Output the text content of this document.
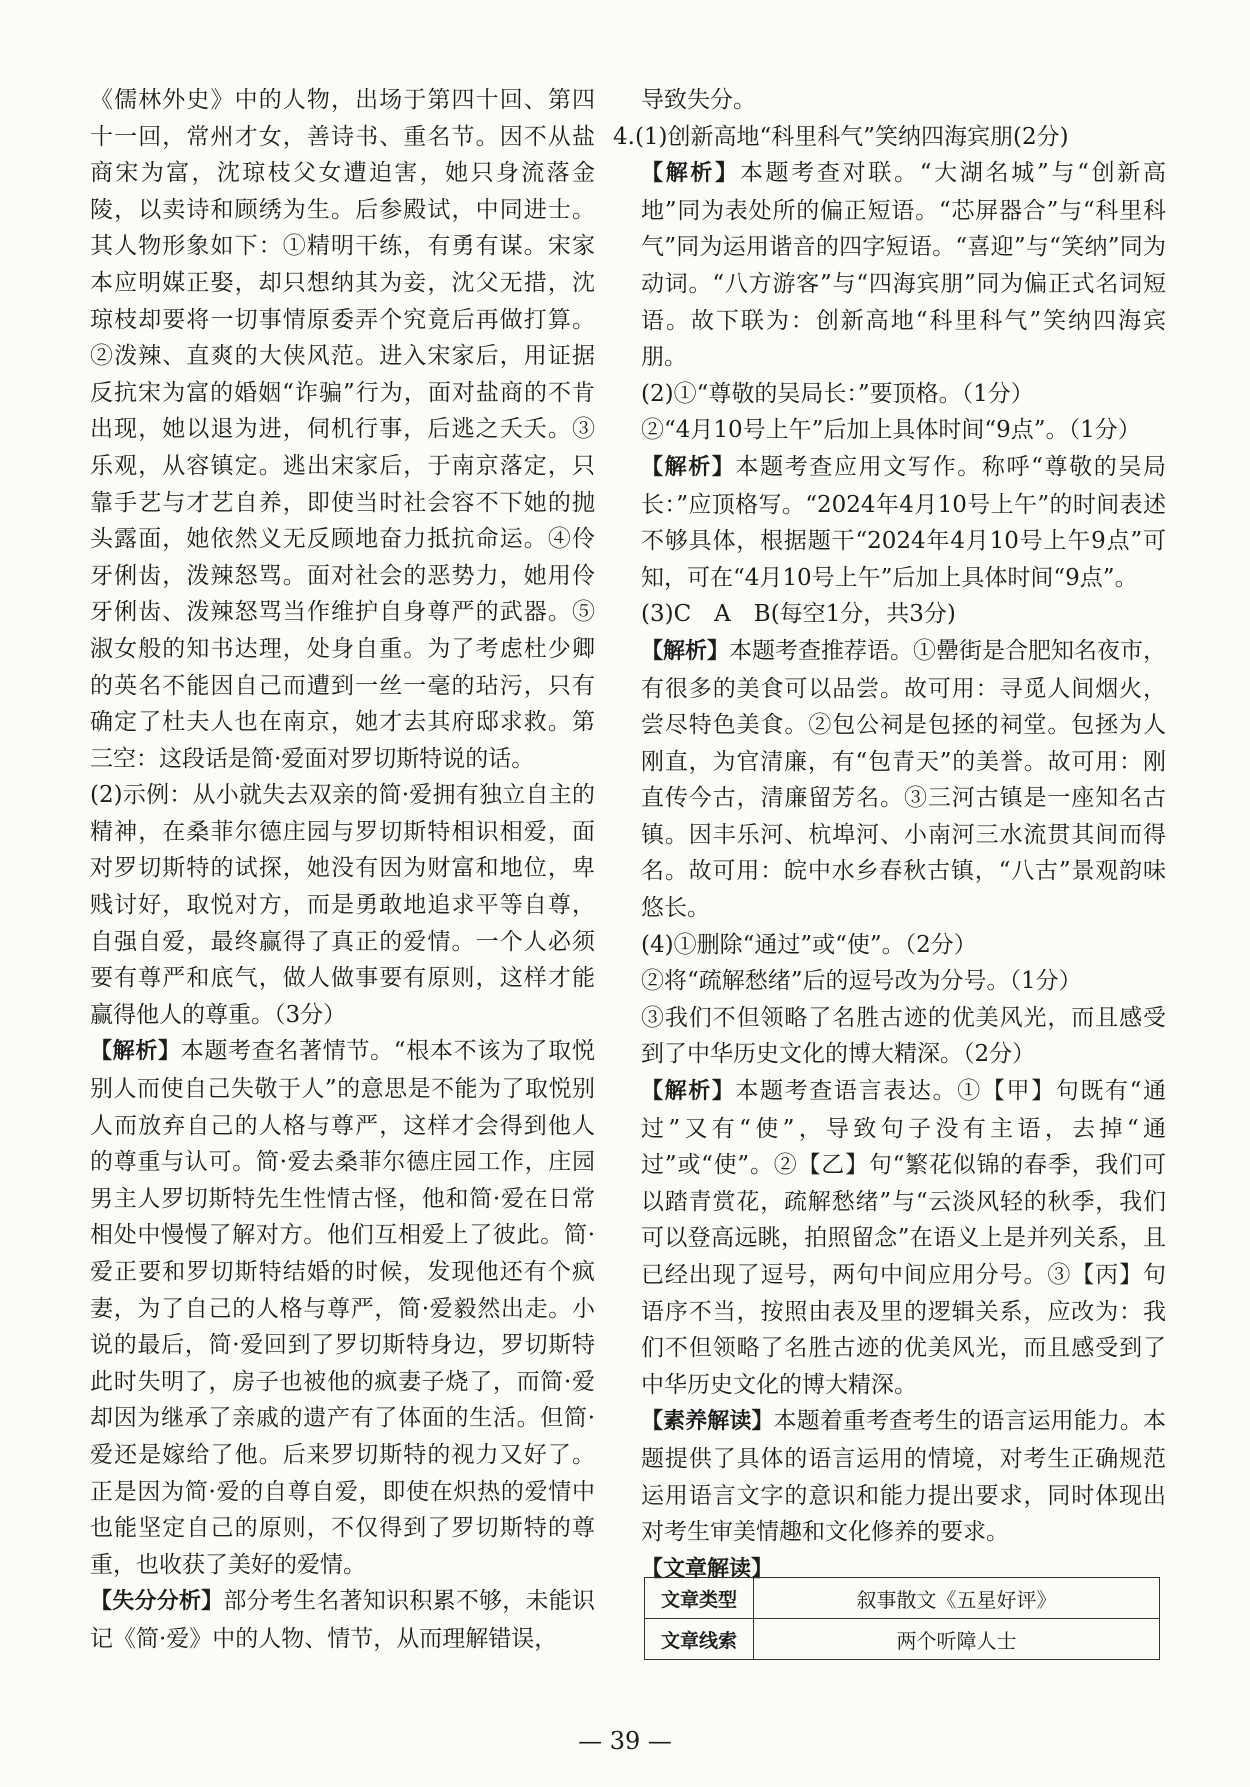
《儒林外史》中的人物，出场于第四十回、第四十一回，常州才女，善诗书、重名节。因不从盐商宋为富，沈琼枝父女遭迫害，她只身流落金陵，以卖诗和顾绣为生。后参殿试，中同进士。其人物形象如下：①精明干练，有勇有谋。宋家本应明媒正娶，却只想纳其为妾，沈父无措，沈琼枝却要将一切事情原委弄个究竟后再做打算。②泼辣、直爽的大侠风范。进入宋家后，用证据反抗宋为富的婚姻“诈骗”行为，面对盐商的不肯出现，她以退为进，伺机行事，后逃之夭夭。③乐观，从容镇定。逃出宋家后，于南京落定，只靠手艺与才艺自养，即使当时社会容不下她的抛头露面，她依然义无反顾地奋力抵抗命运。④伶牙俐齿，泼辣怒骂。面对社会的恶势力，她用伶牙俐齿、泼辣怒骂当作维护自身尊严的武器。⑤淑女般的知书达理，处身自重。为了考虑杜少卿的英名不能因自己而遭到一丝一毫的玷污，只有确定了杜夫人也在南京，她才去其府邸求救。第三空：这段话是简·爱面对罗切斯特说的话。

(2)示例：从小就失去双亲的简·爱拥有独立自主的精神，在桑菲尔德庄园与罗切斯特相识相爱，面对罗切斯特的试探，她没有因为财富和地位，卑贱讨好，取悦对方，而是勇敢地追求平等自尊，自强自爱，最终赢得了真正的爱情。一个人必须要有尊严和底气，做人做事要有原则，这样才能赢得他人的尊重。（3分）

【解析】本题考查名著情节。“根本不该为了取悦别人而使自己失敬于人”的意思是不能为了取悦别人而放弃自己的人格与尊严，这样才会得到他人的尊重与认可。简·爱去桑菲尔德庄园工作，庄园男主人罗切斯特先生性情古怪，他和简·爱在日常相处中慢慢了解对方。他们互相爱上了彼此。简·爱正要和罗切斯特结婚的时候，发现他还有个疯妻，为了自己的人格与尊严，简·爱毅然出走。小说的最后，简·爱回到了罗切斯特身边，罗切斯特此时失明了，房子也被他的疯妻子烧了，而简·爱却因为继承了亲戚的遗产有了体面的生活。但简·爱还是嫁给了他。后来罗切斯特的视力又好了。正是因为简·爱的自尊自爱，即使在炽热的爱情中也能坚定自己的原则，不仅得到了罗切斯特的尊重，也收获了美好的爱情。

【失分分析】部分考生名著知识积累不够，未能识记《简·爱》中的人物、情节，从而理解错误，

导致失分。

4.(1)创新高地“科里科气”笑纳四海宾朋(2分)

【解析】本题考查对联。“大湖名城”与“创新高地”同为表处所的偏正短语。“芯屏器合”与“科里科气”同为运用谐音的四字短语。“喜迎”与“笑纳”同为动词。“八方游客”与“四海宾朋”同为偏正式名词短语。故下联为：创新高地“科里科气”笑纳四海宾朋。

(2)①“尊敬的吴局长：”要顶格。（1分）

②“4月10号上午”后加上具体时间“9点”。（1分）

【解析】本题考查应用文写作。称呼“尊敬的吴局长：”应顶格写。“2024年4月10号上午”的时间表述不够具体，根据题干“2024年4月10号上午9点”可知，可在“4月10号上午”后加上具体时间“9点”。

(3)C　A　B(每空1分，共3分)

【解析】本题考查推荐语。①罍街是合肥知名夜市，有很多的美食可以品尝。故可用：寻觅人间烟火，尝尽特色美食。②包公祠是包拯的祠堂。包拯为人刚直，为官清廉，有“包青天”的美誉。故可用：刚直传今古，清廉留芳名。③三河古镇是一座知名古镇。因丰乐河、杭埠河、小南河三水流贯其间而得名。故可用：皖中水乡春秋古镇，“八古”景观韵味悠长。

(4)①删除“通过”或“使”。（2分）

②将“疏解愁绪”后的逗号改为分号。（1分）

③我们不但领略了名胜古迹的优美风光，而且感受到了中华历史文化的博大精深。（2分）

【解析】本题考查语言表达。①【甲】句既有“通过”又有“使”，导致句子没有主语，去掉“通过”或“使”。②【乙】句“繁花似锦的春季，我们可以踏青赏花，疏解愁绪”与“云淡风轻的秋季，我们可以登高远眺，拍照留念”在语义上是并列关系，且已经出现了逗号，两句中间应用分号。③【丙】句语序不当，按照由表及里的逻辑关系，应改为：我们不但领略了名胜古迹的优美风光，而且感受到了中华历史文化的博大精深。

【素养解读】本题着重考查考生的语言运用能力。本题提供了具体的语言运用的情境，对考生正确规范运用语言文字的意识和能力提出要求，同时体现出对考生审美情趣和文化修养的要求。

【文章解读】

文章类型	叙事散文《五星好评》
文章线索	两个听障人士
— 39 —
